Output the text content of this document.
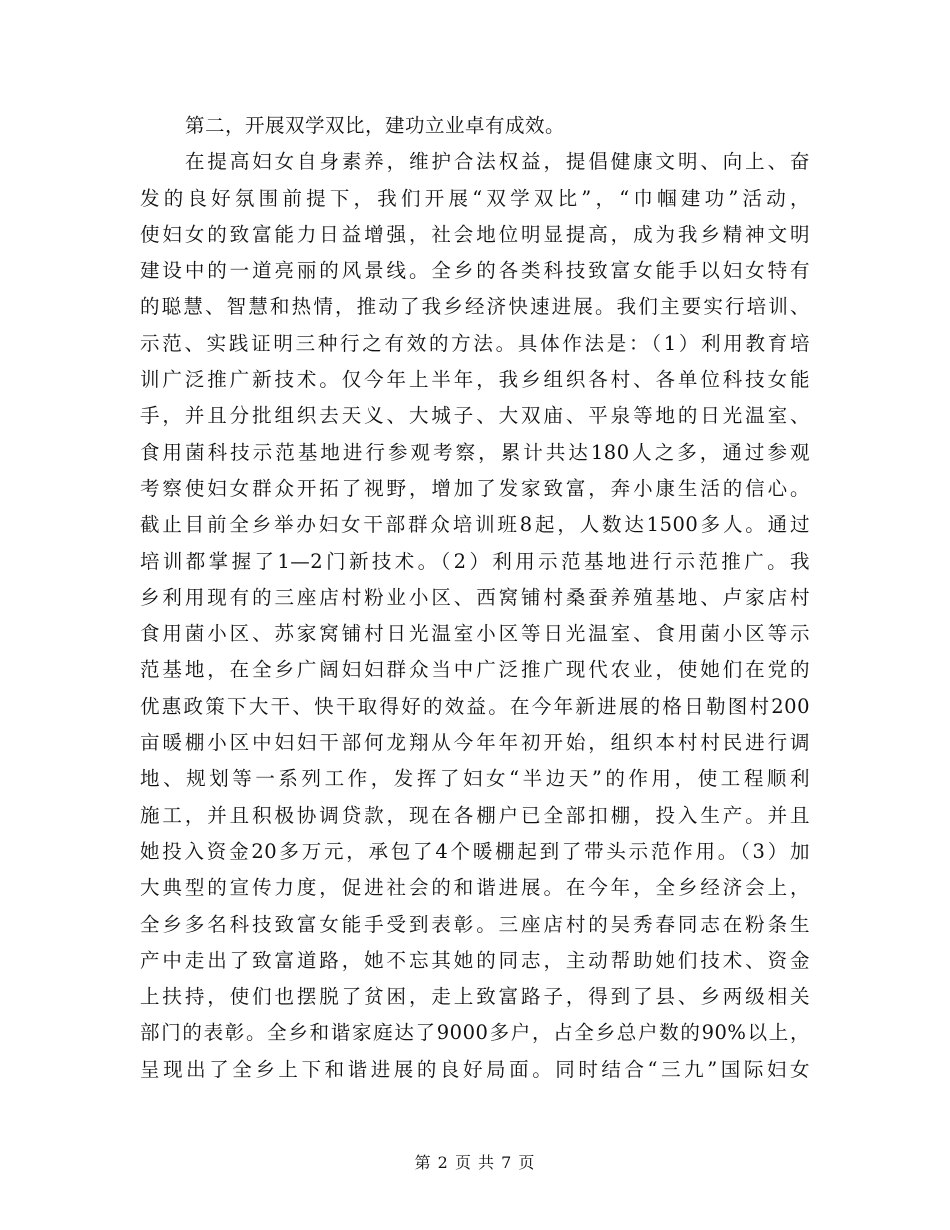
第二，开展双学双比，建功立业卓有成效。
在提高妇女自身素养，维护合法权益，提倡健康文明、向上、奋
发的良好氛围前提下，我们开展“双学双比”，“巾帼建功”活动，
使妇女的致富能力日益增强，社会地位明显提高，成为我乡精神文明
建设中的一道亮丽的风景线。全乡的各类科技致富女能手以妇女特有
的聪慧、智慧和热情，推动了我乡经济快速进展。我们主要实行培训、
示范、实践证明三种行之有效的方法。具体作法是：（1）利用教育培
训广泛推广新技术。仅今年上半年，我乡组织各村、各单位科技女能
手，并且分批组织去天义、大城子、大双庙、平泉等地的日光温室、
食用菌科技示范基地进行参观考察，累计共达180人之多，通过参观
考察使妇女群众开拓了视野，增加了发家致富，奔小康生活的信心。
截止目前全乡举办妇女干部群众培训班8起，人数达1500多人。通过
培训都掌握了1—2门新技术。（2）利用示范基地进行示范推广。我
乡利用现有的三座店村粉业小区、西窝铺村桑蚕养殖基地、卢家店村
食用菌小区、苏家窝铺村日光温室小区等日光温室、食用菌小区等示
范基地，在全乡广阔妇妇群众当中广泛推广现代农业，使她们在党的
优惠政策下大干、快干取得好的效益。在今年新进展的格日勒图村200
亩暖棚小区中妇妇干部何龙翔从今年年初开始，组织本村村民进行调
地、规划等一系列工作，发挥了妇女“半边天”的作用，使工程顺利
施工，并且积极协调贷款，现在各棚户已全部扣棚，投入生产。并且
她投入资金20多万元，承包了4个暖棚起到了带头示范作用。（3）加
大典型的宣传力度，促进社会的和谐进展。在今年，全乡经济会上，
全乡多名科技致富女能手受到表彰。三座店村的吴秀春同志在粉条生
产中走出了致富道路，她不忘其她的同志，主动帮助她们技术、资金
上扶持，使们也摆脱了贫困，走上致富路子，得到了县、乡两级相关
部门的表彰。全乡和谐家庭达了9000多户，占全乡总户数的90%以上，
呈现出了全乡上下和谐进展的良好局面。同时结合“三九”国际妇女
第 2 页 共 7 页
